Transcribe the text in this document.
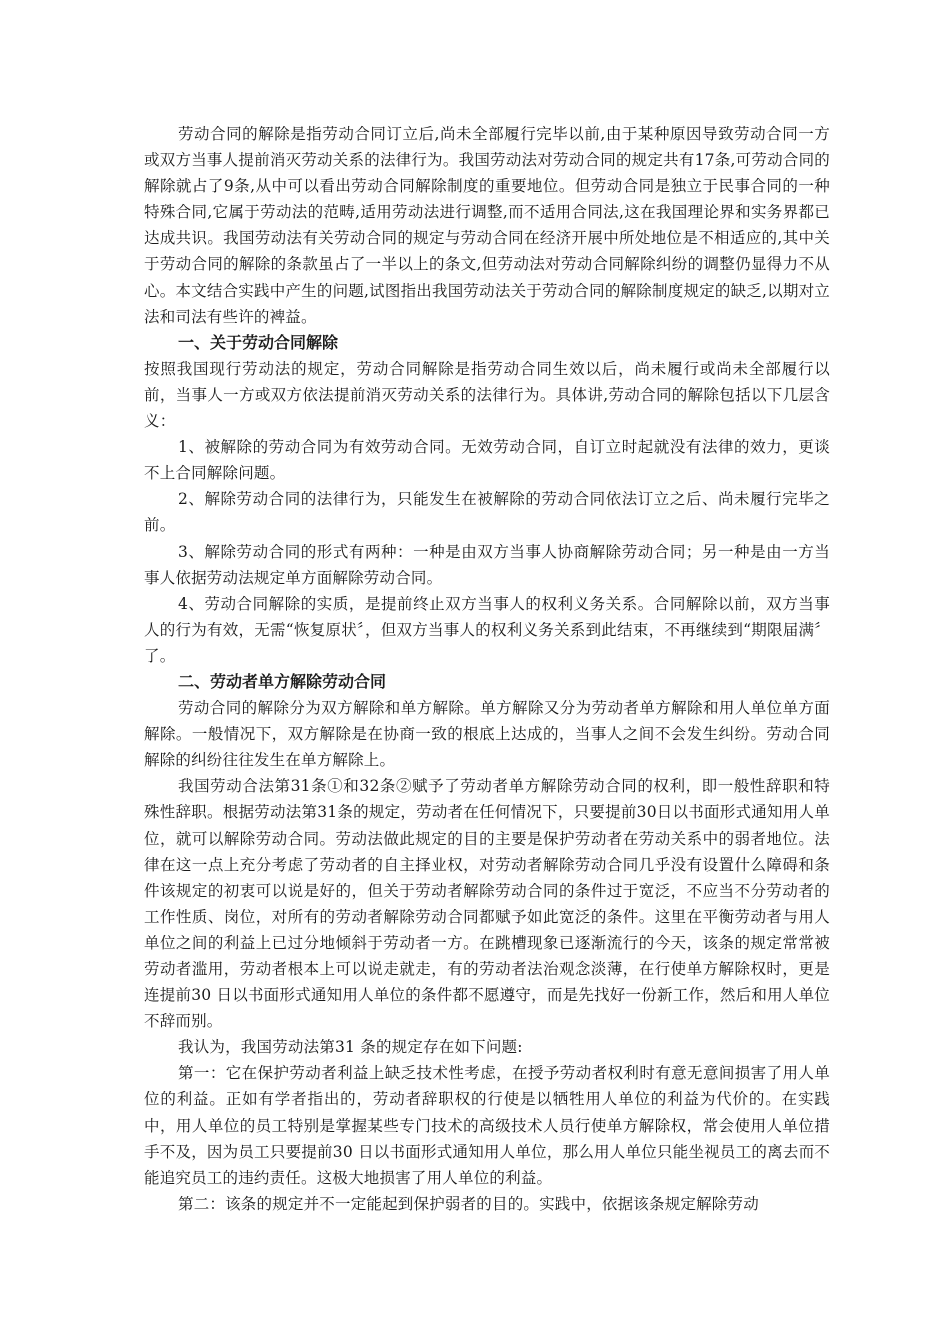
劳动合同的解除是指劳动合同订立后,尚未全部履行完毕以前,由于某种原因导致劳动合同一方或双方当事人提前消灭劳动关系的法律行为。我国劳动法对劳动合同的规定共有17条,可劳动合同的解除就占了9条,从中可以看出劳动合同解除制度的重要地位。但劳动合同是独立于民事合同的一种特殊合同,它属于劳动法的范畴,适用劳动法进行调整,而不适用合同法,这在我国理论界和实务界都已达成共识。我国劳动法有关劳动合同的规定与劳动合同在经济开展中所处地位是不相适应的,其中关于劳动合同的解除的条款虽占了一半以上的条文,但劳动法对劳动合同解除纠纷的调整仍显得力不从心。本文结合实践中产生的问题,试图指出我国劳动法关于劳动合同的解除制度规定的缺乏,以期对立法和司法有些许的裨益。

一、关于劳动合同解除

按照我国现行劳动法的规定，劳动合同解除是指劳动合同生效以后，尚未履行或尚未全部履行以前，当事人一方或双方依法提前消灭劳动关系的法律行为。具体讲,劳动合同的解除包括以下几层含义：

1、被解除的劳动合同为有效劳动合同。无效劳动合同，自订立时起就没有法律的效力，更谈不上合同解除问题。

2、解除劳动合同的法律行为，只能发生在被解除的劳动合同依法订立之后、尚未履行完毕之前。

3、解除劳动合同的形式有两种：一种是由双方当事人协商解除劳动合同；另一种是由一方当事人依据劳动法规定单方面解除劳动合同。

4、劳动合同解除的实质，是提前终止双方当事人的权利义务关系。合同解除以前，双方当事人的行为有效，无需“恢复原状〞，但双方当事人的权利义务关系到此结束，不再继续到“期限届满〞了。

二、劳动者单方解除劳动合同

劳动合同的解除分为双方解除和单方解除。单方解除又分为劳动者单方解除和用人单位单方面解除。一般情况下，双方解除是在协商一致的根底上达成的，当事人之间不会发生纠纷。劳动合同解除的纠纷往往发生在单方解除上。

我国劳动合法第31条①和32条②赋予了劳动者单方解除劳动合同的权利，即一般性辞职和特殊性辞职。根据劳动法第31条的规定，劳动者在任何情况下，只要提前30日以书面形式通知用人单位，就可以解除劳动合同。劳动法做此规定的目的主要是保护劳动者在劳动关系中的弱者地位。法律在这一点上充分考虑了劳动者的自主择业权，对劳动者解除劳动合同几乎没有设置什么障碍和条件该规定的初衷可以说是好的，但关于劳动者解除劳动合同的条件过于宽泛，不应当不分劳动者的工作性质、岗位，对所有的劳动者解除劳动合同都赋予如此宽泛的条件。这里在平衡劳动者与用人单位之间的利益上已过分地倾斜于劳动者一方。在跳槽现象已逐渐流行的今天，该条的规定常常被劳动者滥用，劳动者根本上可以说走就走，有的劳动者法治观念淡薄，在行使单方解除权时，更是连提前30 日以书面形式通知用人单位的条件都不愿遵守，而是先找好一份新工作，然后和用人单位不辞而别。

我认为，我国劳动法第31 条的规定存在如下问题:

第一：它在保护劳动者利益上缺乏技术性考虑，在授予劳动者权利时有意无意间损害了用人单位的利益。正如有学者指出的，劳动者辞职权的行使是以牺牲用人单位的利益为代价的。在实践中，用人单位的员工特别是掌握某些专门技术的高级技术人员行使单方解除权，常会使用人单位措手不及，因为员工只要提前30 日以书面形式通知用人单位，那么用人单位只能坐视员工的离去而不能追究员工的违约责任。这极大地损害了用人单位的利益。

第二：该条的规定并不一定能起到保护弱者的目的。实践中，依据该条规定解除劳动
